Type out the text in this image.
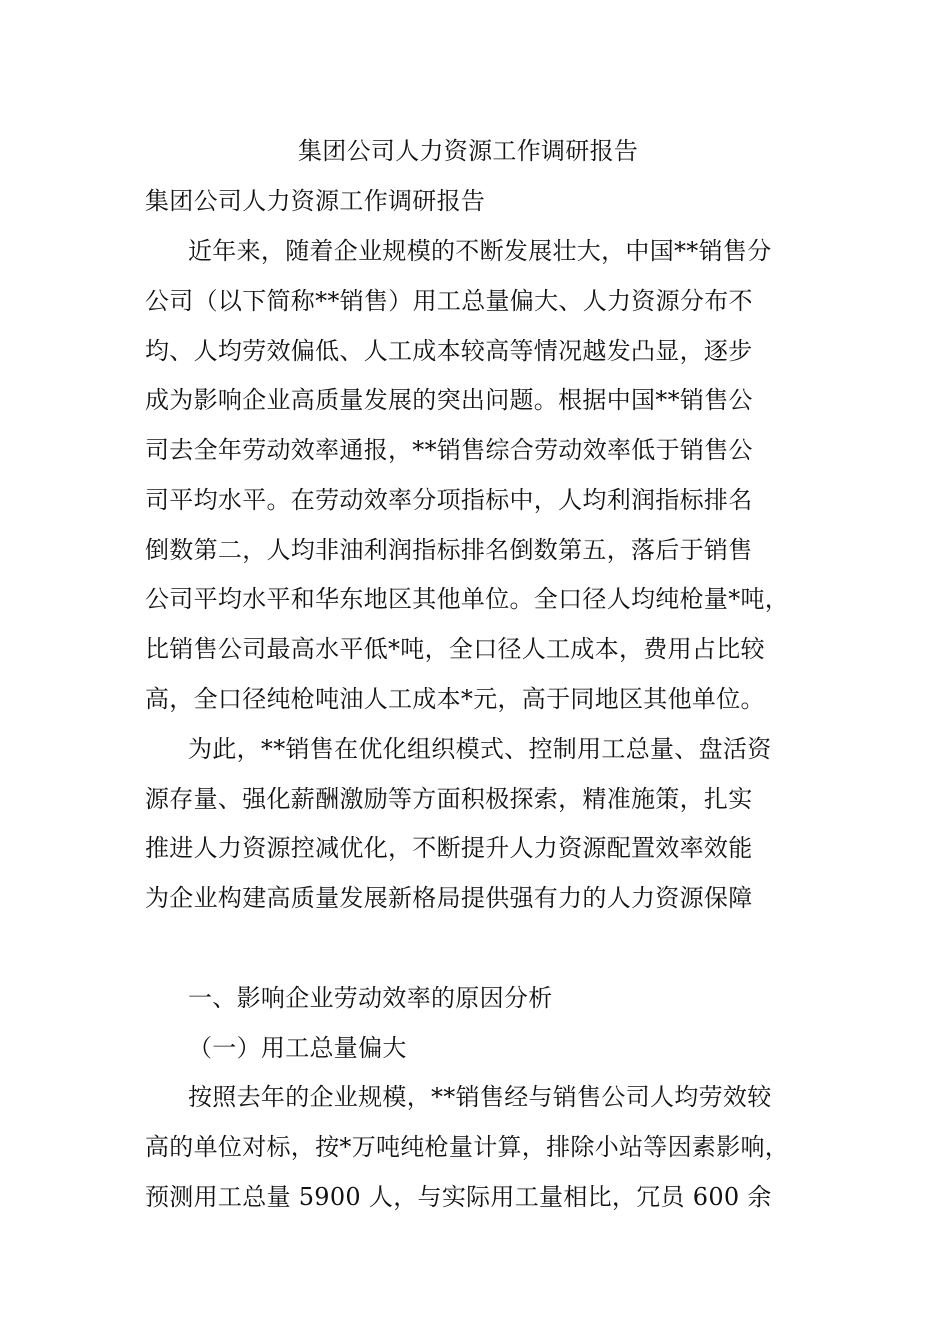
集团公司人力资源工作调研报告
集团公司人力资源工作调研报告
近年来，随着企业规模的不断发展壮大，中国**销售分
公司（以下简称**销售）用工总量偏大、人力资源分布不
均、人均劳效偏低、人工成本较高等情况越发凸显，逐步
成为影响企业高质量发展的突出问题。根据中国**销售公
司去全年劳动效率通报，**销售综合劳动效率低于销售公
司平均水平。在劳动效率分项指标中，人均利润指标排名
倒数第二，人均非油利润指标排名倒数第五，落后于销售
公司平均水平和华东地区其他单位。全口径人均纯枪量*吨，
比销售公司最高水平低*吨，全口径人工成本，费用占比较
高，全口径纯枪吨油人工成本*元，高于同地区其他单位。
为此，**销售在优化组织模式、控制用工总量、盘活资
源存量、强化薪酬激励等方面积极探索，精准施策，扎实
推进人力资源控减优化，不断提升人力资源配置效率效能
为企业构建高质量发展新格局提供强有力的人力资源保障
一、影响企业劳动效率的原因分析
（一）用工总量偏大
按照去年的企业规模，**销售经与销售公司人均劳效较
高的单位对标，按*万吨纯枪量计算，排除小站等因素影响，
预测用工总量 5900 人，与实际用工量相比，冗员 600 余
